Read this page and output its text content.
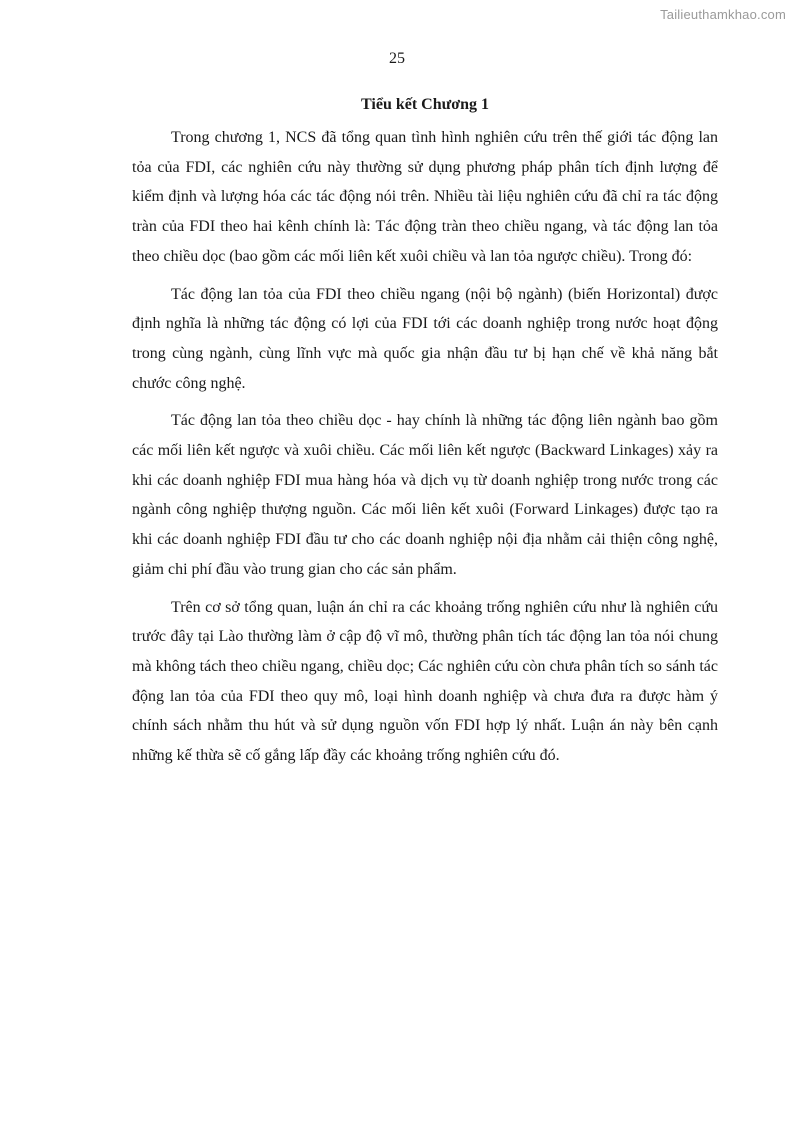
Tailieuthamkhao.com
25
Tiểu kết Chương 1

Trong chương 1, NCS đã tổng quan tình hình nghiên cứu trên thế giới tác động lan tỏa của FDI, các nghiên cứu này thường sử dụng phương pháp phân tích định lượng để kiểm định và lượng hóa các tác động nói trên. Nhiều tài liệu nghiên cứu đã chỉ ra tác động tràn của FDI theo hai kênh chính là: Tác động tràn theo chiều ngang, và tác động lan tỏa theo chiều dọc (bao gồm các mối liên kết xuôi chiều và lan tỏa ngược chiều). Trong đó:

Tác động lan tỏa của FDI theo chiều ngang (nội bộ ngành) (biến Horizontal) được định nghĩa là những tác động có lợi của FDI tới các doanh nghiệp trong nước hoạt động trong cùng ngành, cùng lĩnh vực mà quốc gia nhận đầu tư bị hạn chế về khả năng bắt chước công nghệ.

Tác động lan tỏa theo chiều dọc - hay chính là những tác động liên ngành bao gồm các mối liên kết ngược và xuôi chiều. Các mối liên kết ngược (Backward Linkages) xảy ra khi các doanh nghiệp FDI mua hàng hóa và dịch vụ từ doanh nghiệp trong nước trong các ngành công nghiệp thượng nguồn. Các mối liên kết xuôi (Forward Linkages) được tạo ra khi các doanh nghiệp FDI đầu tư cho các doanh nghiệp nội địa nhằm cải thiện công nghệ, giảm chi phí đầu vào trung gian cho các sản phẩm.

Trên cơ sở tổng quan, luận án chỉ ra các khoảng trống nghiên cứu như là nghiên cứu trước đây tại Lào thường làm ở cập độ vĩ mô, thường phân tích tác động lan tỏa nói chung mà không tách theo chiều ngang, chiều dọc; Các nghiên cứu còn chưa phân tích so sánh tác động lan tỏa của FDI theo quy mô, loại hình doanh nghiệp và chưa đưa ra được hàm ý chính sách nhằm thu hút và sử dụng nguồn vốn FDI hợp lý nhất. Luận án này bên cạnh những kế thừa sẽ cố gắng lấp đầy các khoảng trống nghiên cứu đó.
